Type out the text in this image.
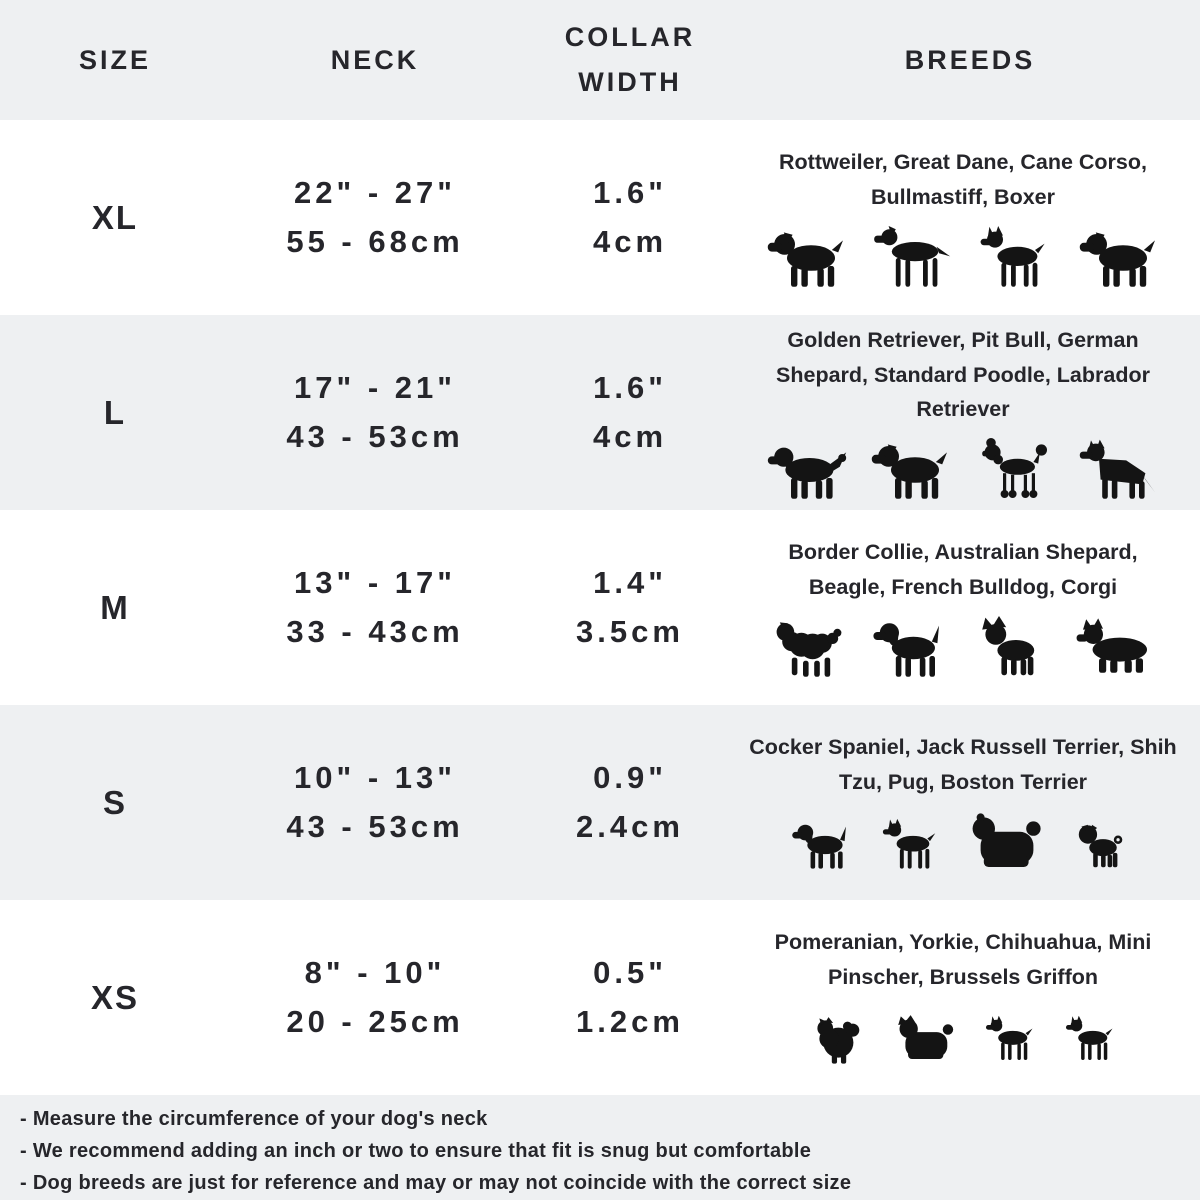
SIZE	NECK
COLLAR WIDTH
BREEDS
XL
22" - 27"
55 - 68cm
1.6"
4cm
Rottweiler, Great Dane, Cane Corso, Bullmastiff, Boxer
L
17" - 21"
43 - 53cm
1.6"
4cm
Golden Retriever, Pit Bull, German Shepard, Standard Poodle, Labrador Retriever
M
13" - 17"
33 - 43cm
1.4"
3.5cm
Border Collie, Australian Shepard, Beagle, French Bulldog, Corgi
S
10" - 13"
43 - 53cm
0.9"
2.4cm
Cocker Spaniel, Jack Russell Terrier, Shih Tzu, Pug, Boston Terrier
XS
8" - 10"
20 - 25cm
0.5"
1.2cm
Pomeranian, Yorkie, Chihuahua, Mini Pinscher, Brussels Griffon
- Measure the circumference of your dog's neck
- We recommend adding an inch or two to ensure that fit is snug but comfortable
- Dog breeds are just for reference and may or may not coincide with the correct size
